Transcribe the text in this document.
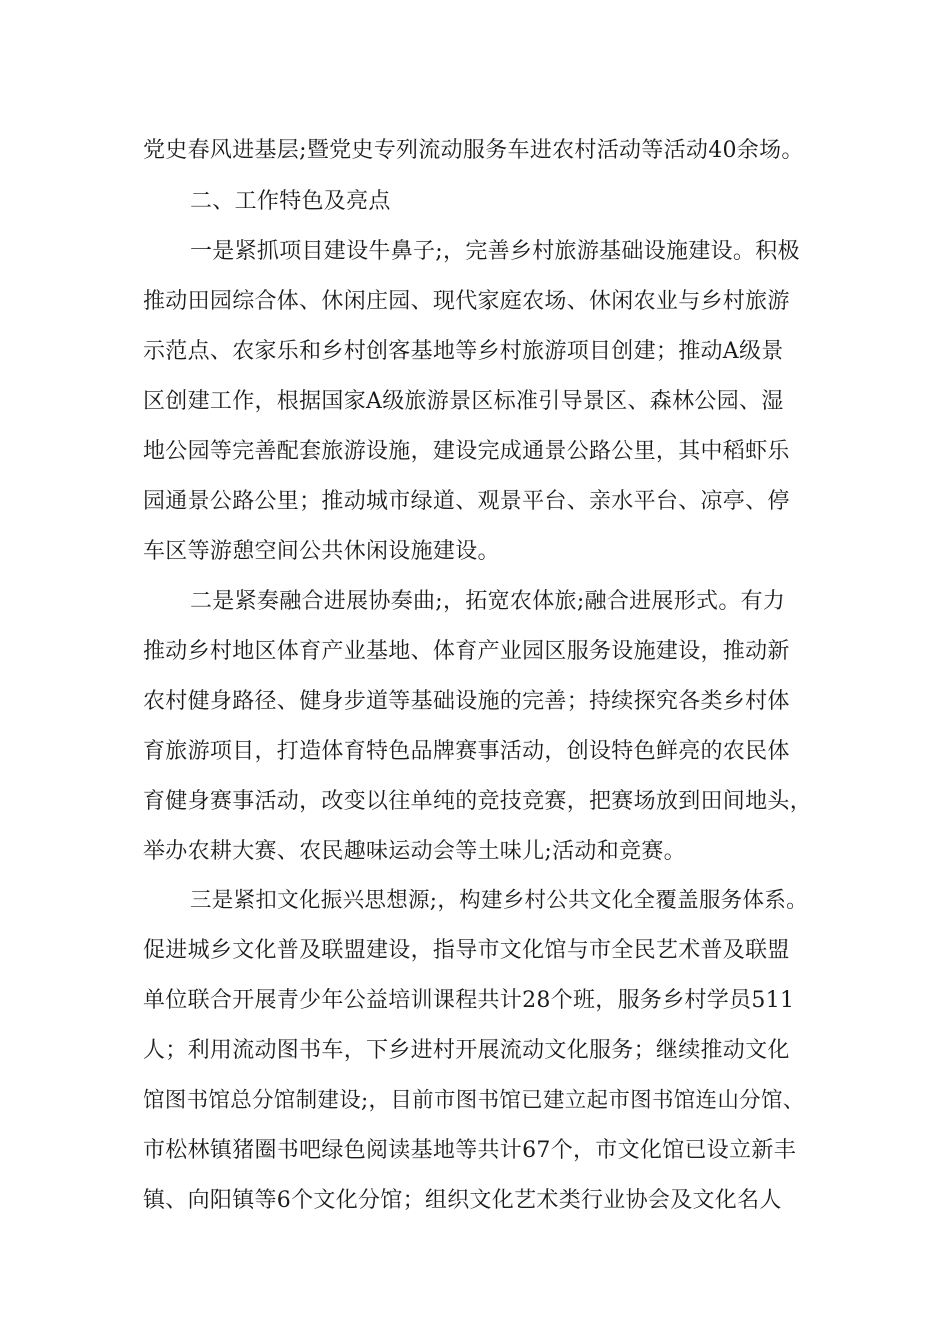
党史春风进基层;暨党史专列流动服务车进农村活动等活动40余场。
二、工作特色及亮点
一是紧抓项目建设牛鼻子;，完善乡村旅游基础设施建设。积极
推动田园综合体、休闲庄园、现代家庭农场、休闲农业与乡村旅游
示范点、农家乐和乡村创客基地等乡村旅游项目创建；推动A级景
区创建工作，根据国家A级旅游景区标准引导景区、森林公园、湿
地公园等完善配套旅游设施，建设完成通景公路公里，其中稻虾乐
园通景公路公里；推动城市绿道、观景平台、亲水平台、凉亭、停
车区等游憩空间公共休闲设施建设。
二是紧奏融合进展协奏曲;，拓宽农体旅;融合进展形式。有力
推动乡村地区体育产业基地、体育产业园区服务设施建设，推动新
农村健身路径、健身步道等基础设施的完善；持续探究各类乡村体
育旅游项目，打造体育特色品牌赛事活动，创设特色鲜亮的农民体
育健身赛事活动，改变以往单纯的竞技竞赛，把赛场放到田间地头，
举办农耕大赛、农民趣味运动会等土味儿;活动和竞赛。
三是紧扣文化振兴思想源;，构建乡村公共文化全覆盖服务体系。
促进城乡文化普及联盟建设，指导市文化馆与市全民艺术普及联盟
单位联合开展青少年公益培训课程共计28个班，服务乡村学员511
人；利用流动图书车，下乡进村开展流动文化服务；继续推动文化
馆图书馆总分馆制建设;，目前市图书馆已建立起市图书馆连山分馆、
市松林镇猪圈书吧绿色阅读基地等共计67个，市文化馆已设立新丰
镇、向阳镇等6个文化分馆；组织文化艺术类行业协会及文化名人
